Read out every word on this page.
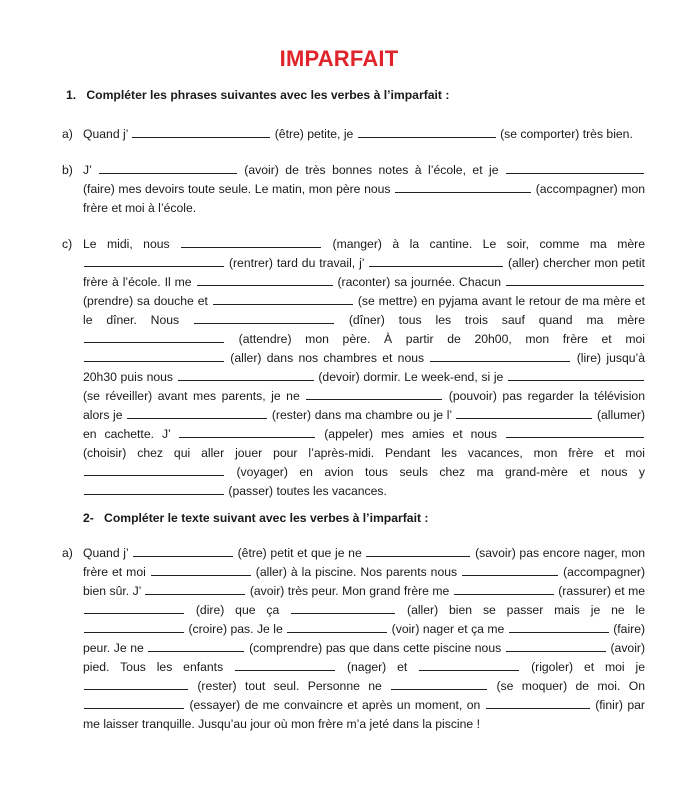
IMPARFAIT

1. Compléter les phrases suivantes avec les verbes à l’imparfait :

a) Quand j’	(être) petite, je	(se comporter) très bien.
b) J’	(avoir) de très bonnes notes à l’école, et je  (faire) mes devoirs toute seule. Le matin, mon père nous	(accompagner) mon frère et moi à l’école.
c) Le midi, nous	(manger) à la cantine. Le soir, comme ma mère  (rentrer) tard du travail, j’	(aller) chercher mon petit frère à l’école. Il me	(raconter) sa journée. Chacun  (prendre) sa douche et	(se mettre) en pyjama avant le retour de ma mère et le dîner. Nous	(dîner) tous les trois sauf quand ma mère  (attendre) mon père. À partir de 20h00, mon frère et moi  (aller) dans nos chambres et nous	(lire) jusqu’à 20h30 puis nous	(devoir) dormir. Le week-end, si je  (se réveiller) avant mes parents, je ne	(pouvoir) pas regarder la télévision alors je	(rester) dans ma chambre ou je l’	(allumer) en cachette. J’	(appeler) mes amies et nous  (choisir) chez qui aller jouer pour l’après-midi. Pendant les vacances, mon frère et moi  (voyager) en avion tous seuls chez ma grand-mère et nous y  (passer) toutes les vacances.

2- Compléter le texte suivant avec les verbes à l’imparfait :

a) Quand j’	(être) petit et que je ne	(savoir) pas encore nager, mon frère et moi	(aller) à la piscine. Nos parents nous	(accompagner) bien sûr. J’	(avoir) très peur. Mon grand frère me	(rassurer) et me  (dire) que ça	(aller) bien se passer mais je ne le  (croire) pas. Je le	(voir) nager et ça me	(faire) peur. Je ne	(comprendre) pas que dans cette piscine nous	(avoir) pied. Tous les enfants	(nager) et	(rigoler) et moi je  (rester) tout seul. Personne ne	(se moquer) de moi. On  (essayer) de me convaincre et après un moment, on	(finir) par me laisser tranquille. Jusqu’au jour où mon frère m’a jeté dans la piscine !
